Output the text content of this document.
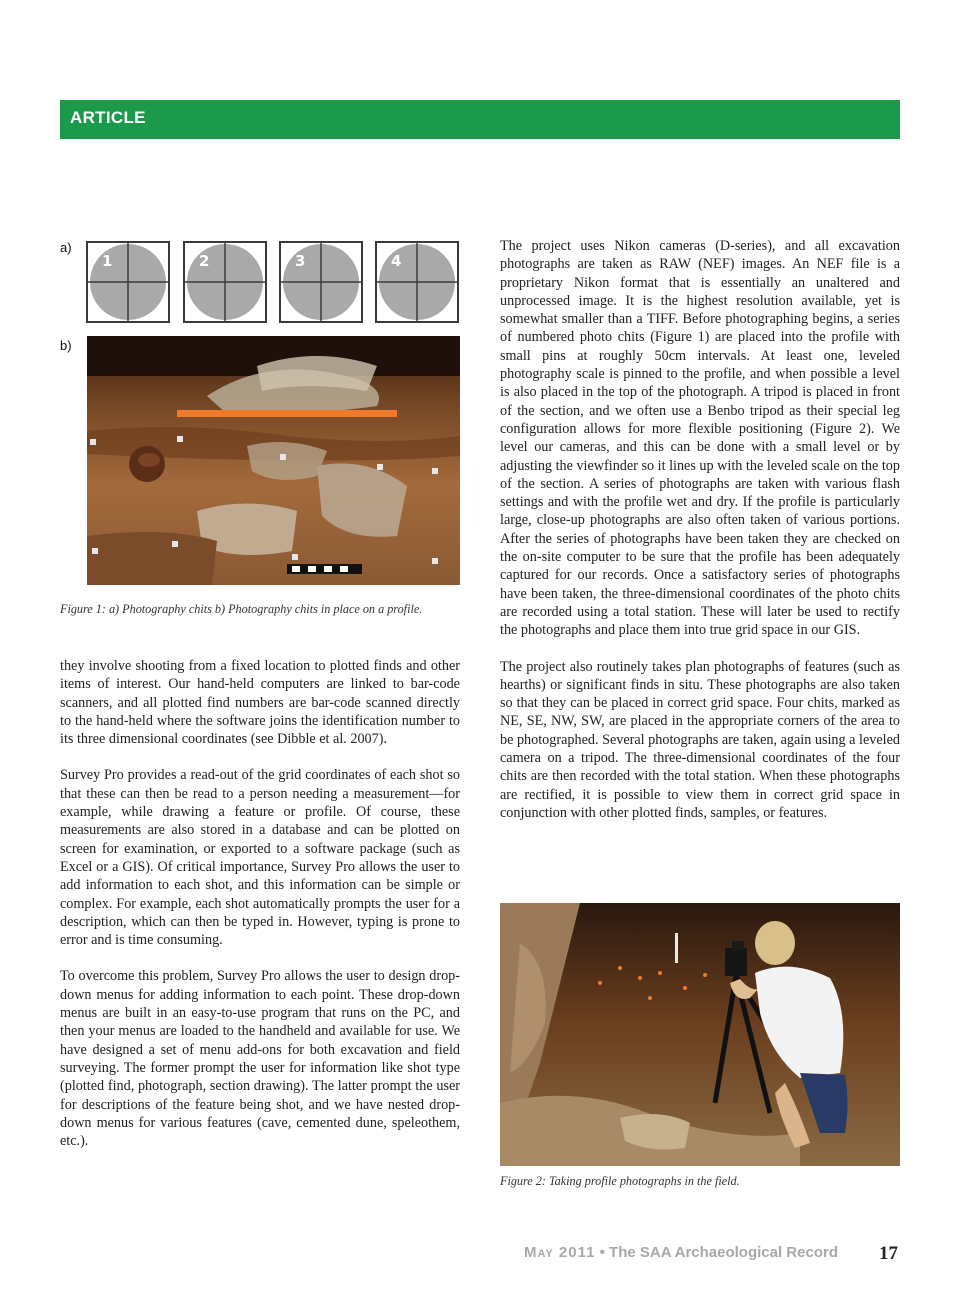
ARTICLE
a)
b)
1	2	3	4
Figure 1: a) Photography chits b) Photography chits in place on a profile.

they involve shooting from a fixed location to plotted finds and other items of interest. Our hand-held computers are linked to bar-code scanners, and all plotted find numbers are bar-code scanned directly to the hand-held where the software joins the identification number to its three dimensional coordinates (see Dibble et al. 2007).

Survey Pro provides a read-out of the grid coordinates of each shot so that these can then be read to a person needing a measurement—for example, while drawing a feature or profile. Of course, these measurements are also stored in a database and can be plotted on screen for examination, or exported to a software package (such as Excel or a GIS). Of critical importance, Survey Pro allows the user to add information to each shot, and this information can be simple or complex. For example, each shot automatically prompts the user for a description, which can then be typed in. However, typing is prone to error and is time consuming.

To overcome this problem, Survey Pro allows the user to design drop-down menus for adding information to each point. These drop-down menus are built in an easy-to-use program that runs on the PC, and then your menus are loaded to the handheld and available for use. We have designed a set of menu add-ons for both excavation and field surveying. The former prompt the user for information like shot type (plotted find, photograph, section drawing). The latter prompt the user for descriptions of the feature being shot, and we have nested drop-down menus for various features (cave, cemented dune, speleothem, etc.).

The project uses Nikon cameras (D-series), and all excavation photographs are taken as RAW (NEF) images. An NEF file is a proprietary Nikon format that is essentially an unaltered and unprocessed image. It is the highest resolution available, yet is somewhat smaller than a TIFF. Before photographing begins, a series of numbered photo chits (Figure 1) are placed into the profile with small pins at roughly 50cm intervals. At least one, leveled photography scale is pinned to the profile, and when possible a level is also placed in the top of the photograph. A tripod is placed in front of the section, and we often use a Benbo tripod as their special leg configuration allows for more flexible positioning (Figure 2). We level our cameras, and this can be done with a small level or by adjusting the viewfinder so it lines up with the leveled scale on the top of the section. A series of photographs are taken with various flash settings and with the profile wet and dry. If the profile is particularly large, close-up photographs are also often taken of various portions. After the series of photographs have been taken they are checked on the on-site computer to be sure that the profile has been adequately captured for our records. Once a satisfactory series of photographs have been taken, the three-dimensional coordinates of the photo chits are recorded using a total station. These will later be used to rectify the photographs and place them into true grid space in our GIS.

The project also routinely takes plan photographs of features (such as hearths) or significant finds in situ. These photographs are also taken so that they can be placed in correct grid space. Four chits, marked as NE, SE, NW, SW, are placed in the appropriate corners of the area to be photographed. Several photographs are taken, again using a leveled camera on a tripod. The three-dimensional coordinates of the four chits are then recorded with the total station. When these photographs are rectified, it is possible to view them in correct grid space in conjunction with other plotted finds, samples, or features.

Figure 2: Taking profile photographs in the field.
May 2011 • The SAA Archaeological Record 17
